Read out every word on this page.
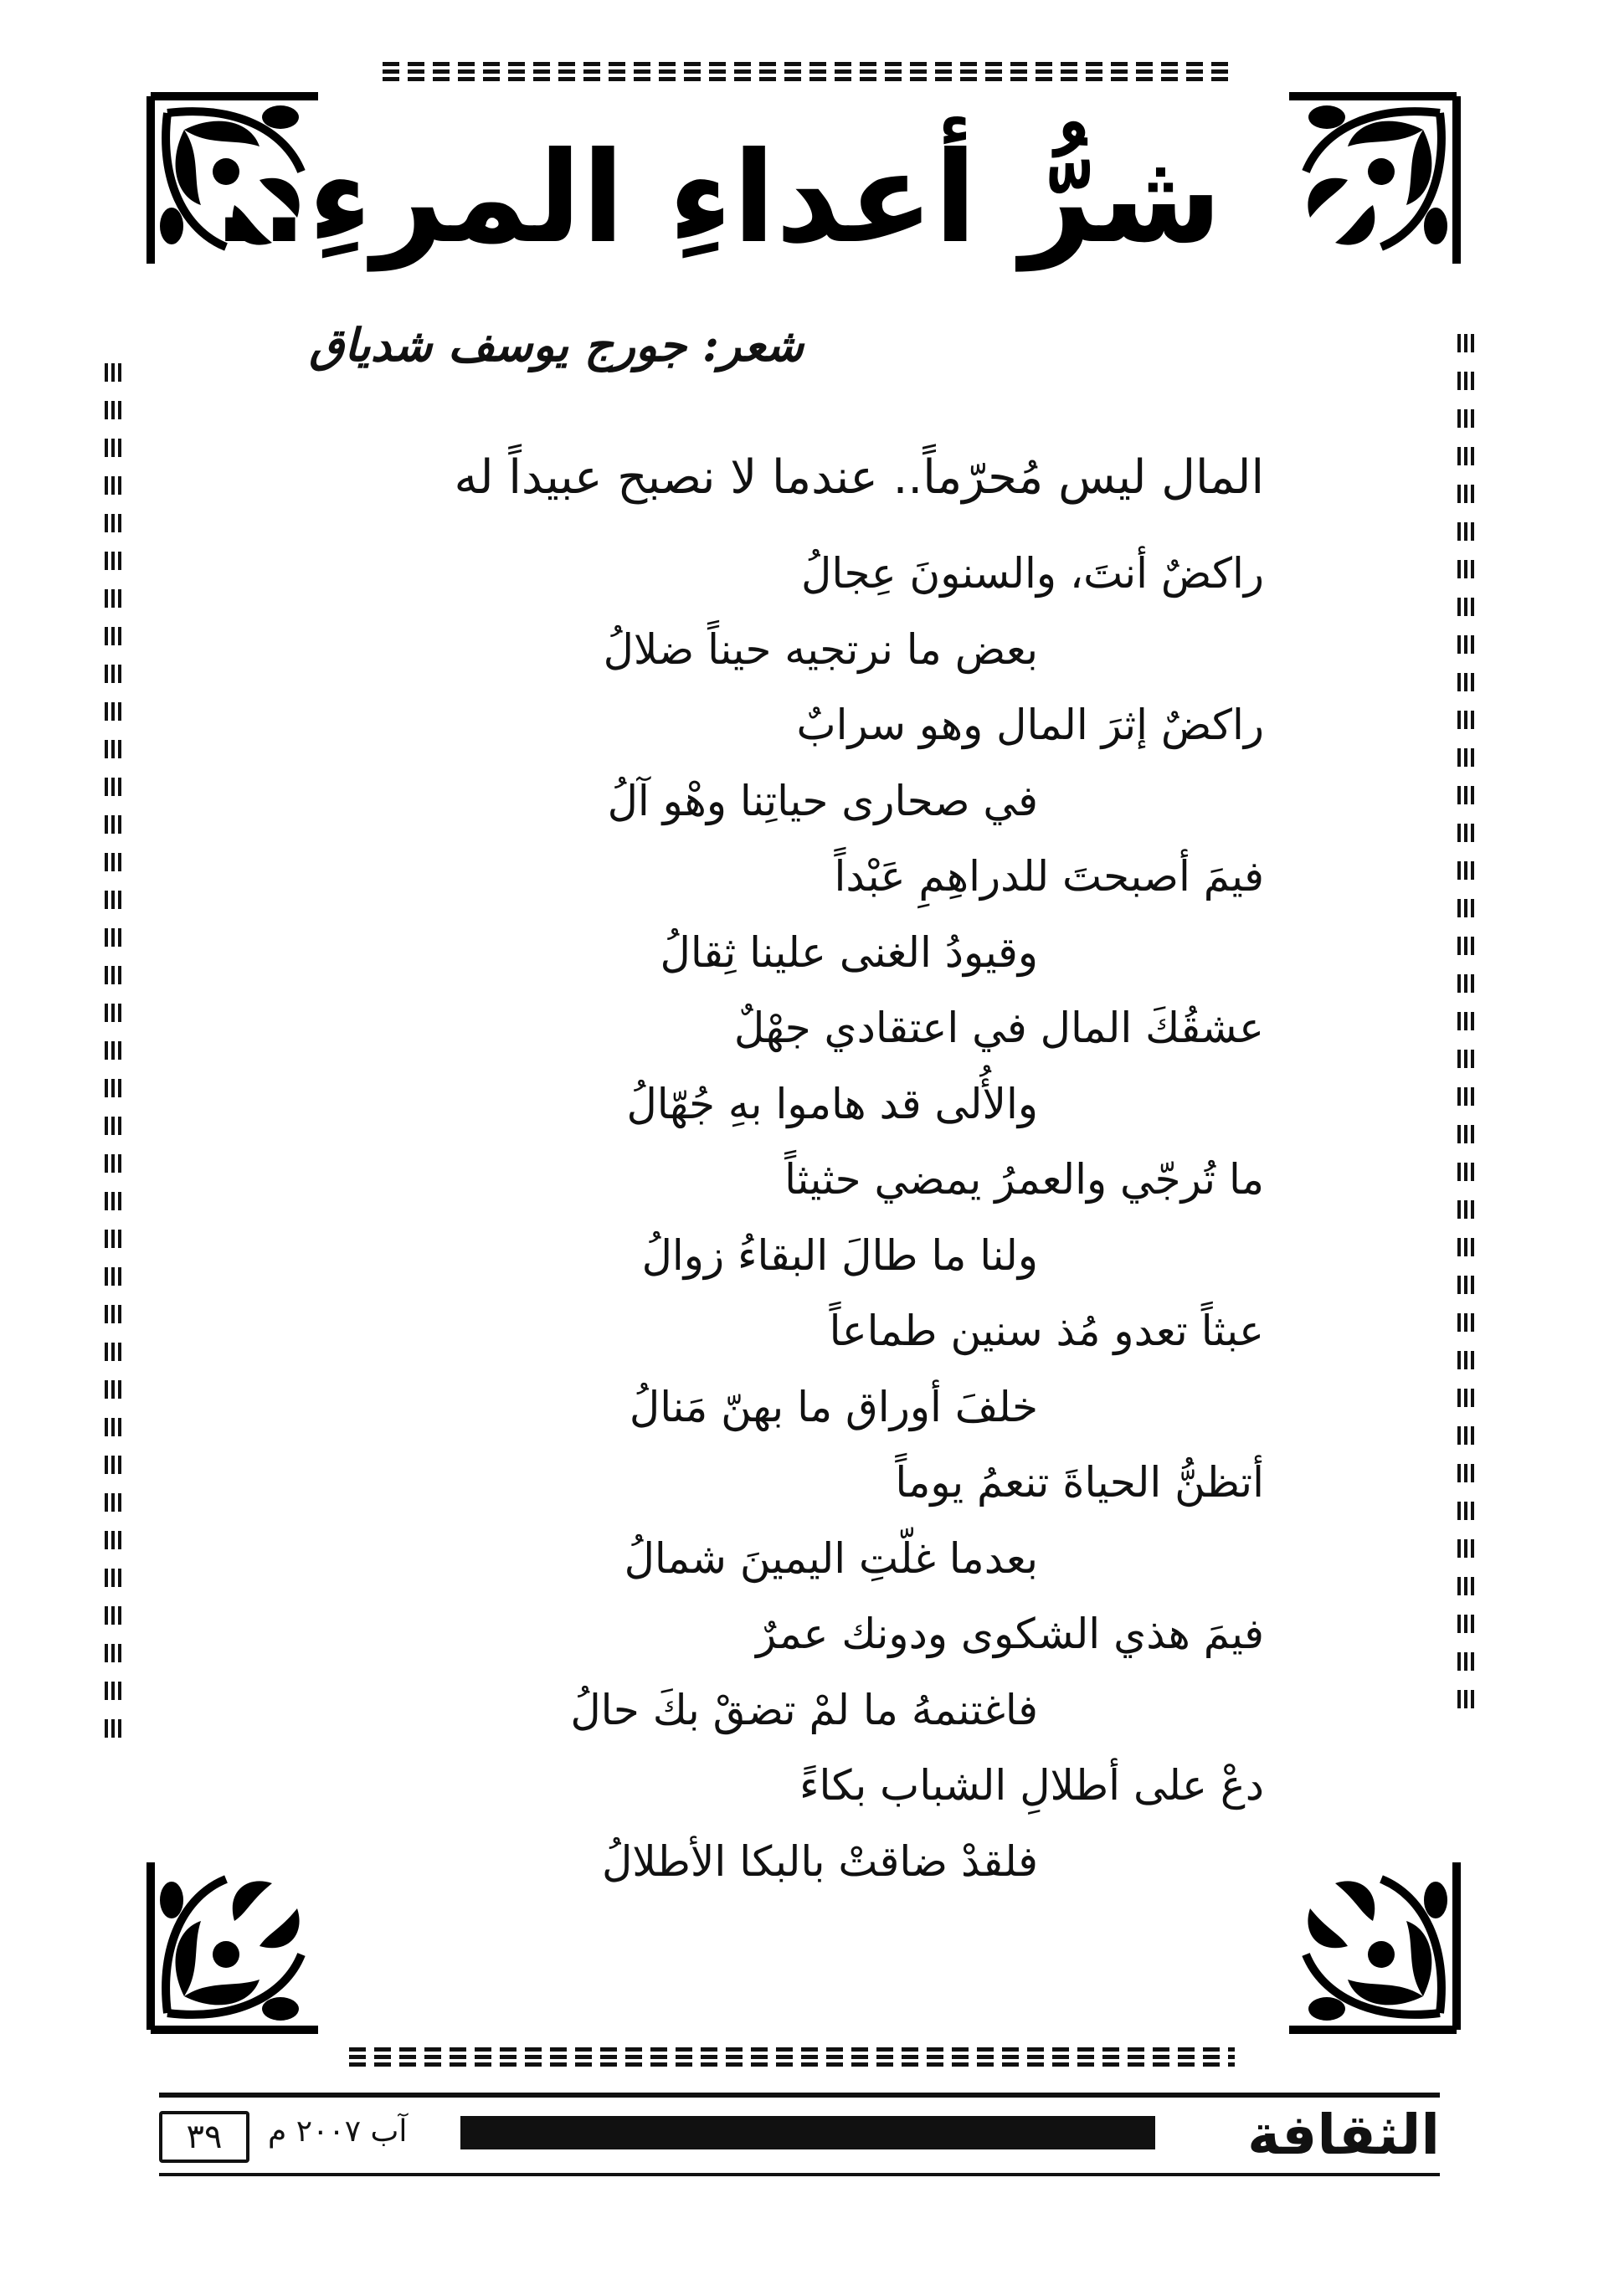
شرُّ أعداءِ المرءِ..
شعر: جورج يوسف شدياق
المال ليس مُحرّماً.. عندما لا نصبح عبيداً له
راكضٌ أنتَ، والسنونَ عِجالُ
بعض ما نرتجيه حيناً ضلالُ
راكضٌ إثرَ المال وهو سرابٌ
في صحارى حياتِنا وهْو آلُ
فيمَ أصبحتَ للدراهِمِ عَبْداً
وقيودُ الغنى علينا ثِقالُ
عشقُكَ المال في اعتقادي جهْلٌ
والأُلى قد هاموا بهِ جُهّالُ
ما تُرجّي والعمرُ يمضي حثيثاً
ولنا ما طالَ البقاءُ زوالُ
عبثاً تعدو مُذ سنين طماعاً
خلفَ أوراق ما بهنّ مَنالُ
أتظنُّ الحياةَ تنعمُ يوماً
بعدما غلّتِ اليمينَ شمالُ
فيمَ هذي الشكوى ودونك عمرٌ
فاغتنمهُ ما لمْ تضقْ بكَ حالُ
دعْ على أطلالِ الشباب بكاءً
فلقدْ ضاقتْ بالبكا الأطلالُ
٣٩	آب ٢٠٠٧ م	الثقافة
